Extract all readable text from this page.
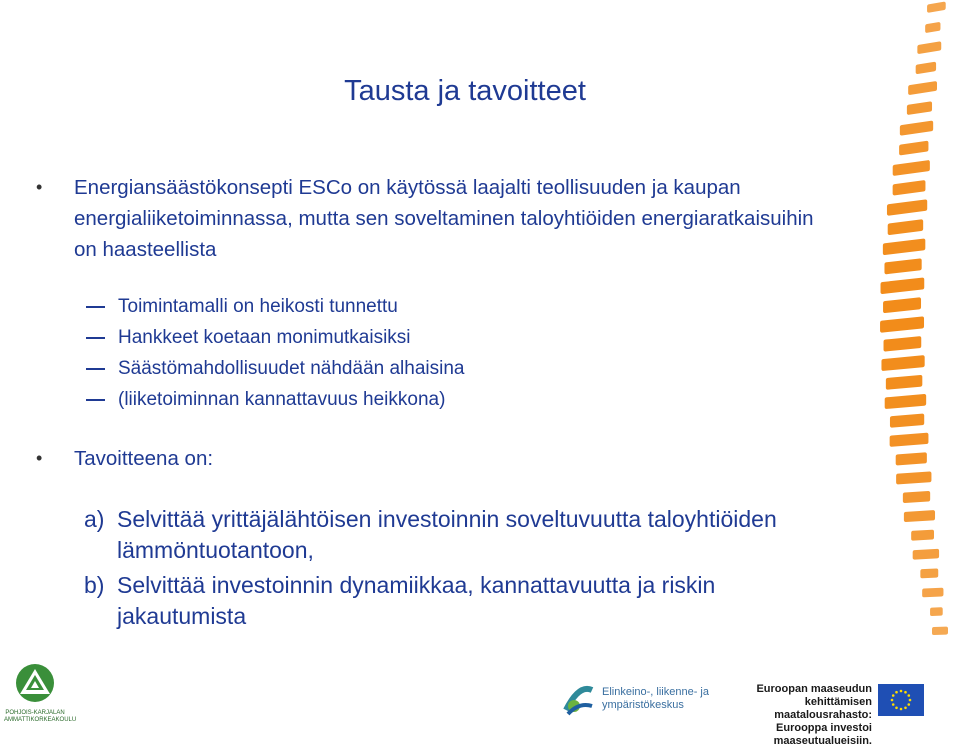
Tausta ja tavoitteet
•	Energiansäästökonsepti ESCo on käytössä laajalti teollisuuden ja kaupan energialiiketoiminnassa, mutta sen soveltaminen taloyhtiöiden energiaratkaisuihin on haasteellista
Toimintamalli on heikosti tunnettu
Hankkeet koetaan monimutkaisiksi
Säästömahdollisuudet nähdään alhaisina
(liiketoiminnan kannattavuus heikkona)
•	Tavoitteena on:
a) Selvittää yrittäjälähtöisen investoinnin soveltuvuutta taloyhtiöiden lämmöntuotantoon,
b) Selvittää investoinnin dynamiikkaa, kannattavuutta ja riskin jakautumista
POHJOIS-KARJALAN AMMATTIKORKEAKOULU
Elinkeino-, liikenne- ja
ympäristökeskus
Euroopan maaseudun
kehittämisen maatalousrahasto:
Eurooppa investoi maaseutualueisiin.
